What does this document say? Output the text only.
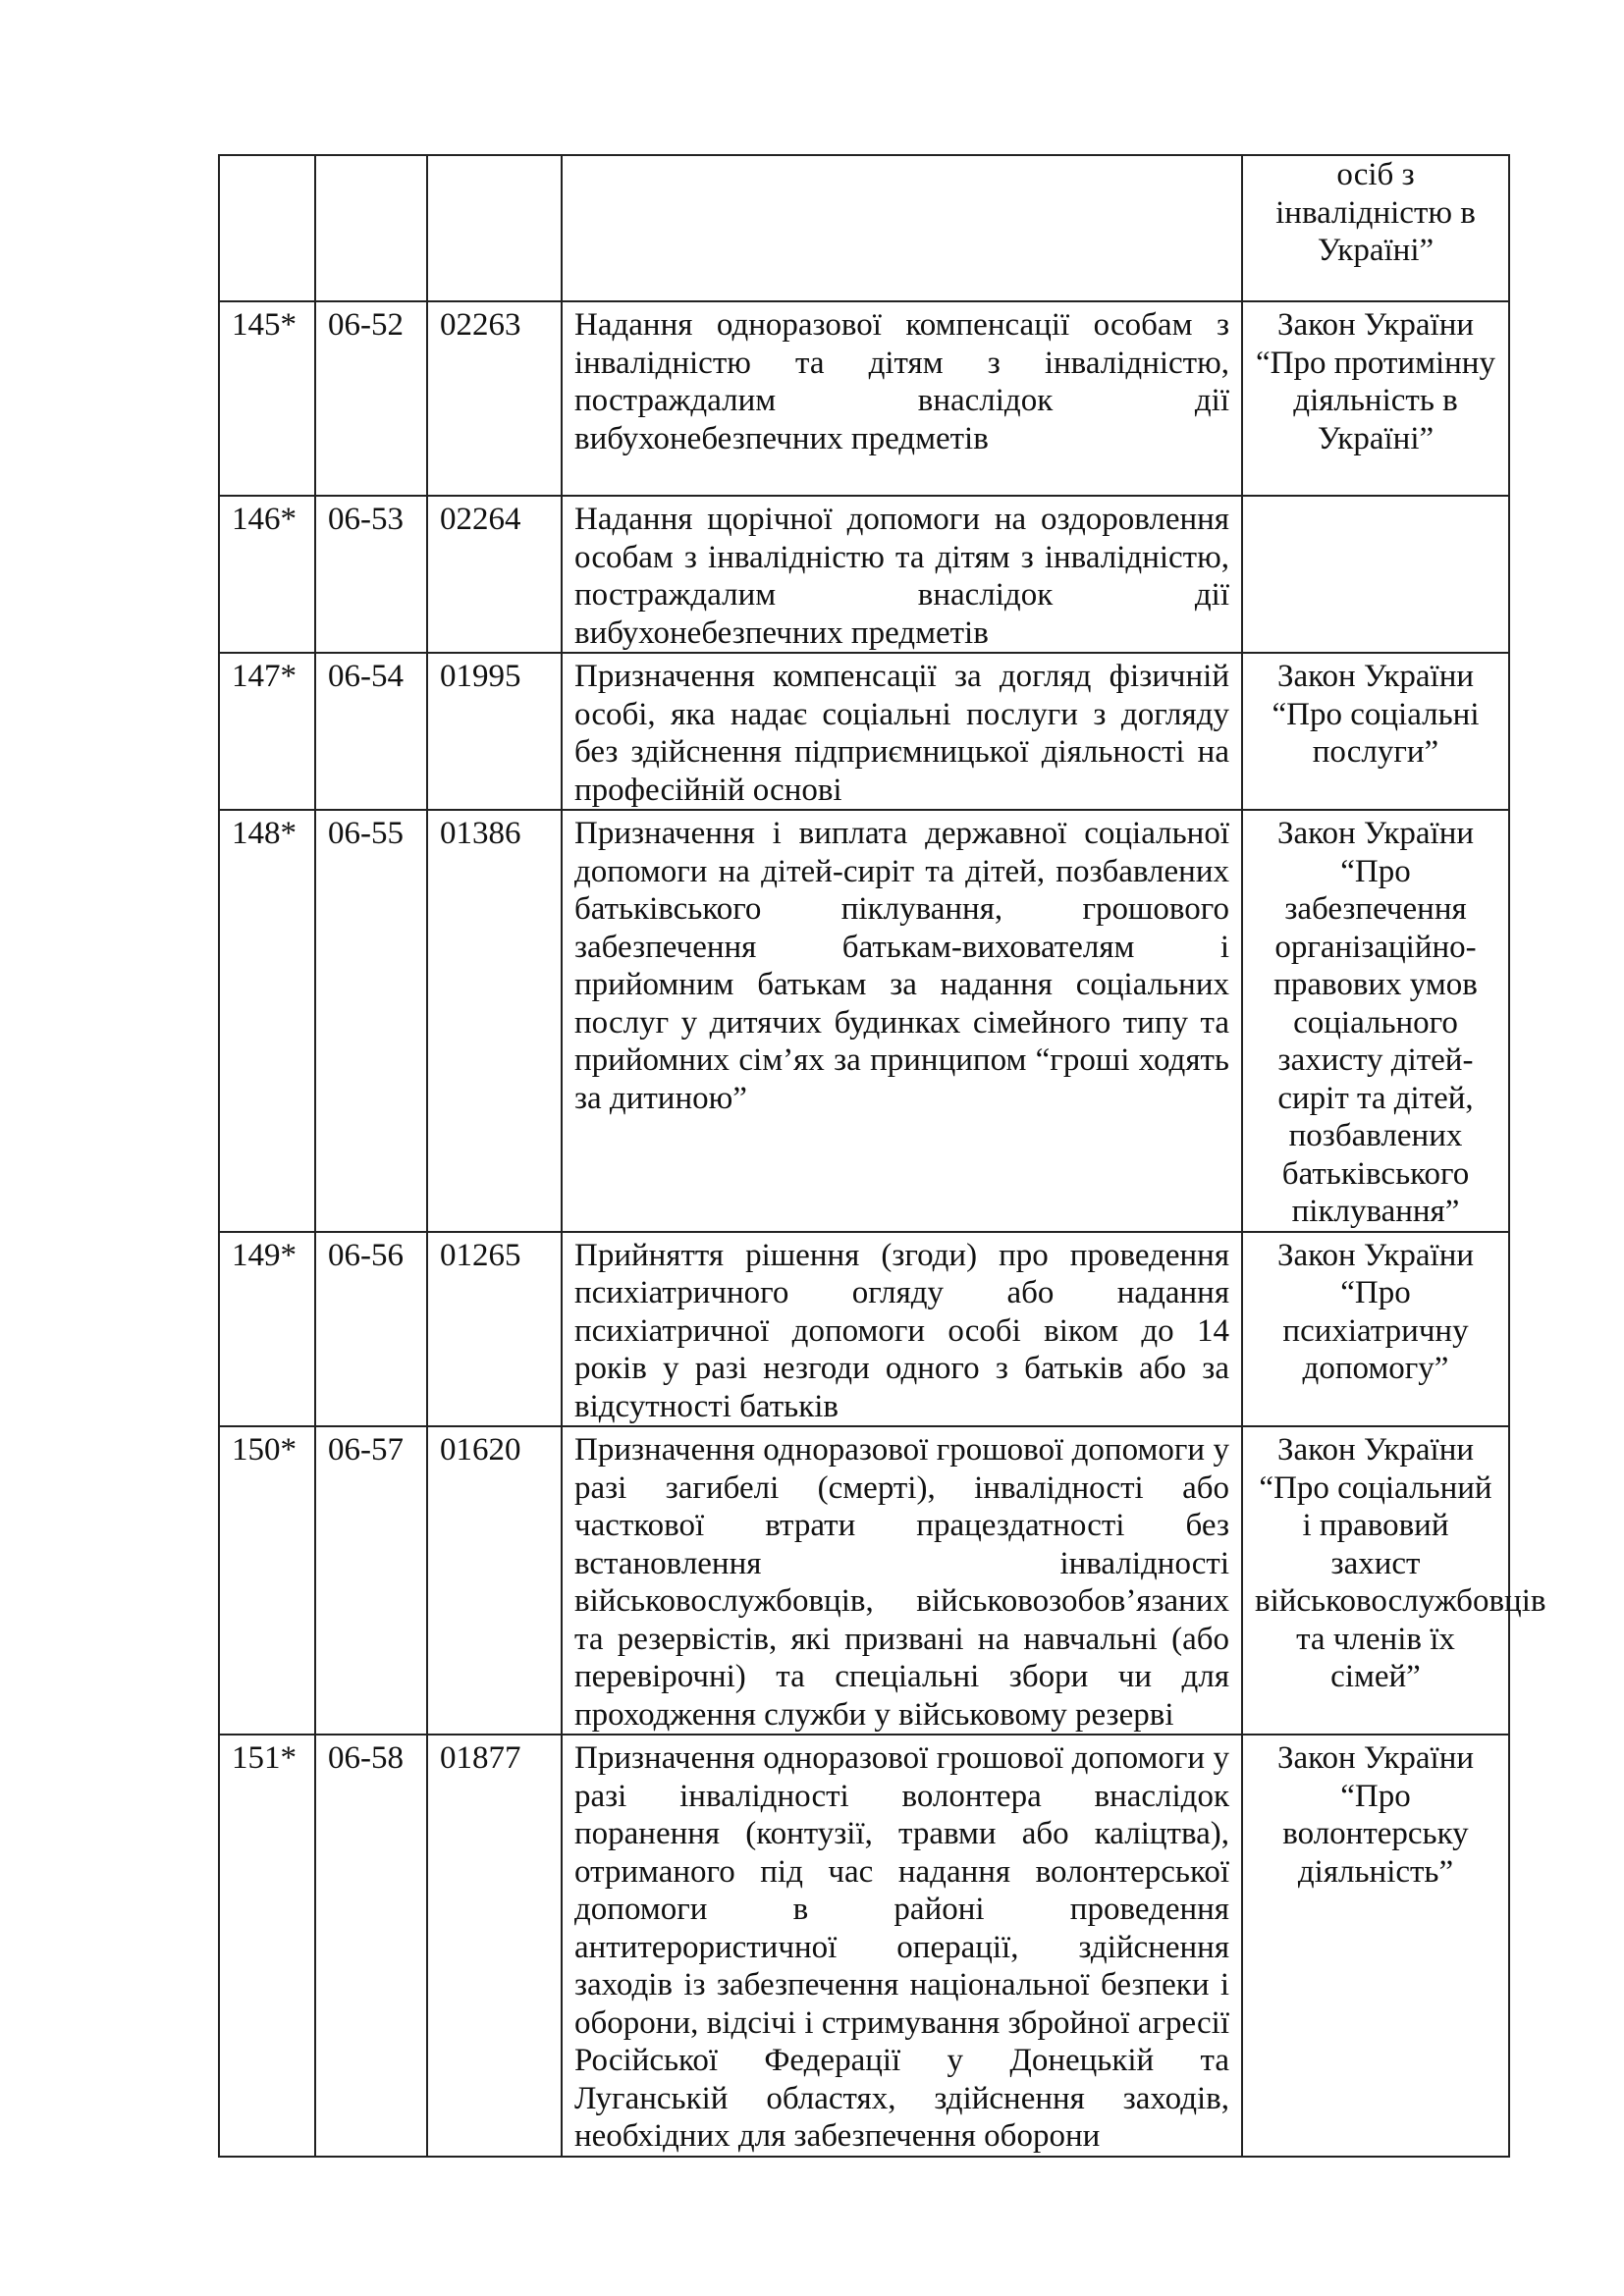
				осіб з інвалідністю в Україні”
145*	06-52	02263	Надання одноразової компенсації особам з інвалідністю та дітям з інвалідністю, постраждалим внаслідок дії вибухонебезпечних предметів	Закон України “Про протимінну діяльність в Україні”
146*	06-53	02264	Надання щорічної допомоги на оздоровлення особам з інвалідністю та дітям з інвалідністю, постраждалим внаслідок дії вибухонебезпечних предметів	
147*	06-54	01995	Призначення компенсації за догляд фізичній особі, яка надає соціальні послуги з догляду без здійснення підприємницької діяльності на професійній основі	Закон України “Про соціальні послуги”
148*	06-55	01386	Призначення і виплата державної соціальної допомоги на дітей-сиріт та дітей, позбавлених батьківського піклування, грошового забезпечення батькам-вихователям і прийомним батькам за надання соціальних послуг у дитячих будинках сімейного типу та прийомних сім’ях за принципом “гроші ходять за дитиною”	Закон України “Про забезпечення організаційно-правових умов соціального захисту дітей-сиріт та дітей, позбавлених батьківського піклування”
149*	06-56	01265	Прийняття рішення (згоди) про проведення психіатричного огляду або надання психіатричної допомоги особі віком до 14 років у разі незгоди одного з батьків або за відсутності батьків	Закон України “Про психіатричну допомогу”
150*	06-57	01620	Призначення одноразової грошової допомоги у разі загибелі (смерті), інвалідності або часткової втрати працездатності без встановлення інвалідності військовослужбовців, військовозобов’язаних та резервістів, які призвані на навчальні (або перевірочні) та спеціальні збори чи для проходження служби у військовому резерві	Закон України “Про соціальний і правовий захист військовослужбовців та членів їх сімей”
151*	06-58	01877	Призначення одноразової грошової допомоги у разі інвалідності волонтера внаслідок поранення (контузії, травми або каліцтва), отриманого під час надання волонтерської допомоги в районі проведення антитерористичної операції, здійснення заходів із забезпечення національної безпеки і оборони, відсічі і стримування збройної агресії Російської Федерації у Донецькій та Луганській областях, здійснення заходів, необхідних для забезпечення оборони	Закон України “Про волонтерську діяльність”
